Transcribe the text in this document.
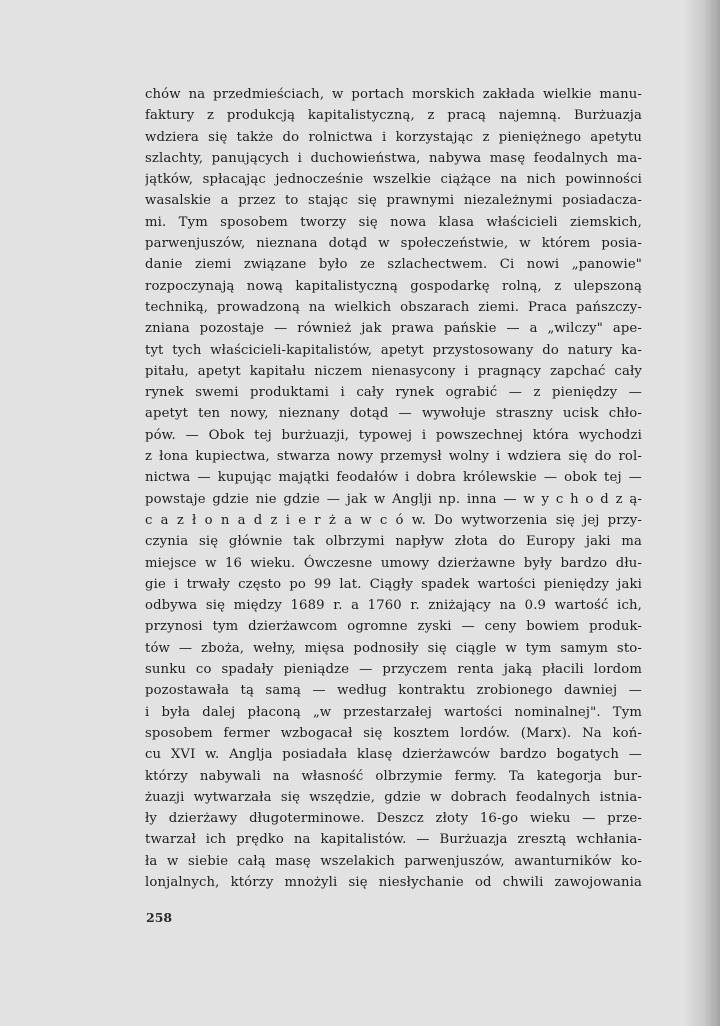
chów na przedmieściach, w portach morskich zakłada wielkie manu-
faktury z produkcją kapitalistyczną, z pracą najemną. Burżuazja
wdziera się także do rolnictwa i korzystając z pieniężnego apetytu
szlachty, panujących i duchowieństwa, nabywa masę feodalnych ma-
jątków, spłacając jednocześnie wszelkie ciążące na nich powinności
wasalskie a przez to stając się prawnymi niezależnymi posiadacza-
mi. Tym sposobem tworzy się nowa klasa właścicieli ziemskich,
parwenjuszów, nieznana dotąd w społeczeństwie, w którem posia-
danie ziemi związane było ze szlachectwem. Ci nowi „panowie"
rozpoczynają nową kapitalistyczną gospodarkę rolną, z ulepszoną
techniką, prowadzoną na wielkich obszarach ziemi. Praca pańszczy-
zniana pozostaje — również jak prawa pańskie — a „wilczy" ape-
tyt tych właścicieli-kapitalistów, apetyt przystosowany do natury ka-
pitału, apetyt kapitału niczem nienasycony i pragnący zapchać cały
rynek swemi produktami i cały rynek ograbić — z pieniędzy —
apetyt ten nowy, nieznany dotąd — wywołuje straszny ucisk chło-
pów. — Obok tej burżuazji, typowej i powszechnej która wychodzi
z łona kupiectwa, stwarza nowy przemysł wolny i wdziera się do rol-
nictwa — kupując majątki feodałów i dobra królewskie — obok tej —
powstaje gdzie nie gdzie — jak w Anglji np. inna — w y c h o d z ą-
c a z ł o n a d z i e r ż a w c ó w. Do wytworzenia się jej przy-
czynia się głównie tak olbrzymi napływ złota do Europy jaki ma
miejsce w 16 wieku. Ówczesne umowy dzierżawne były bardzo dłu-
gie i trwały często po 99 lat. Ciągły spadek wartości pieniędzy jaki
odbywa się między 1689 r. a 1760 r. zniżający na 0.9 wartość ich,
przynosi tym dzierżawcom ogromne zyski — ceny bowiem produk-
tów — zboża, wełny, mięsa podnosiły się ciągle w tym samym sto-
sunku co spadały pieniądze — przyczem renta jaką płacili lordom
pozostawała tą samą — według kontraktu zrobionego dawniej —
i była dalej płaconą „w przestarzałej wartości nominalnej". Tym
sposobem fermer wzbogacał się kosztem lordów. (Marx). Na koń-
cu XVI w. Anglja posiadała klasę dzierżawców bardzo bogatych —
którzy nabywali na własność olbrzymie fermy. Ta kategorja bur-
żuazji wytwarzała się wszędzie, gdzie w dobrach feodalnych istnia-
ły dzierżawy długoterminowe. Deszcz złoty 16-go wieku — prze-
twarzał ich prędko na kapitalistów. — Burżuazja zresztą wchłania-
ła w siebie całą masę wszelakich parwenjuszów, awanturników ko-
lonjalnych, którzy mnożyli się niesłychanie od chwili zawojowania
258
